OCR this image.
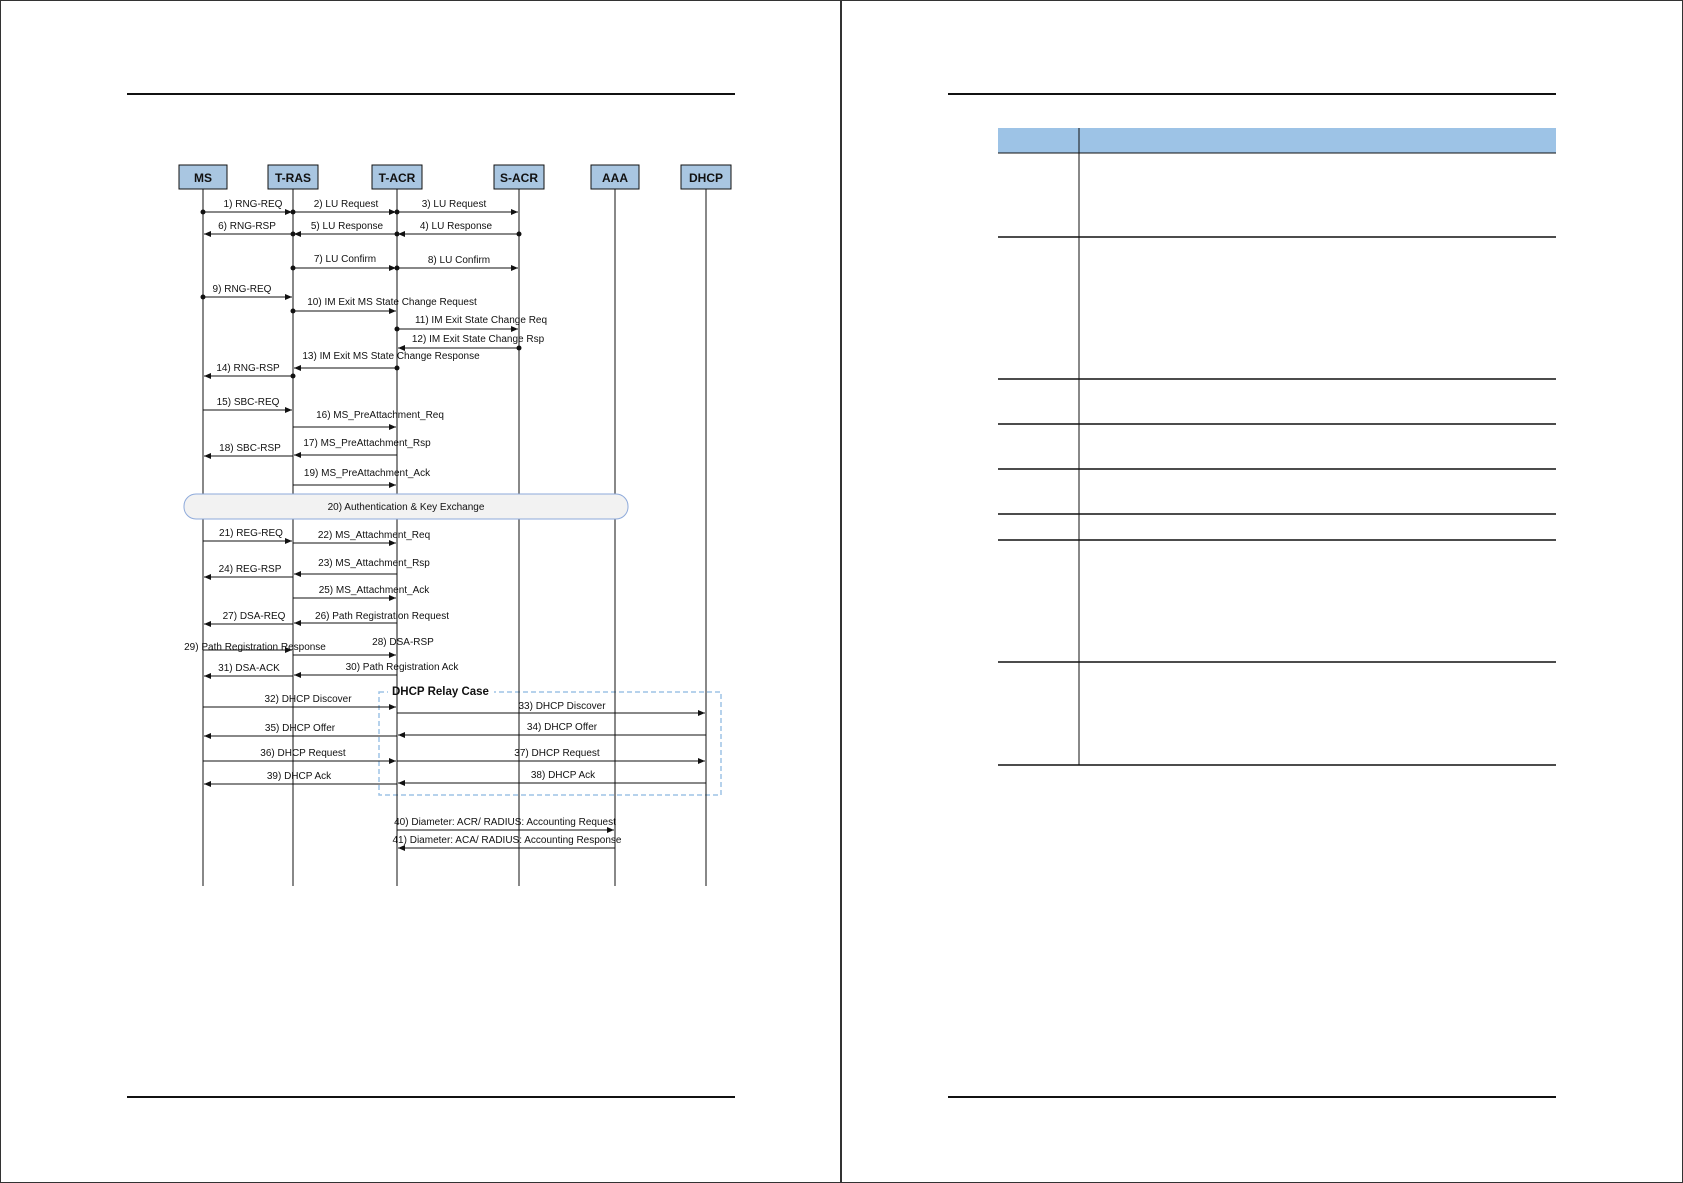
DHCP Relay Case
MS	T-RAS	T-ACR	S-ACR	AAA	DHCP
1) RNG-REQ	2) LU Request	3) LU Request
4) LU Response
5) LU Response
6) RNG-RSP
7) LU Confirm	8) LU Confirm
9) RNG-REQ
10) IM Exit MS State Change Request
11) IM Exit State Change Req
12) IM Exit State Change Rsp
13) IM Exit MS State Change Response
14) RNG-RSP
15) SBC-REQ
16) MS_PreAttachment_Req
17) MS_PreAttachment_Rsp
18) SBC-RSP
19) MS_PreAttachment_Ack
21) REG-REQ	22) MS_Attachment_Req
23) MS_Attachment_Rsp
24) REG-RSP
25) MS_Attachment_Ack
26) Path Registration Request
27) DSA-REQ
28) DSA-RSP
29) Path Registration Response
30) Path Registration Ack
31) DSA-ACK
32) DHCP Discover
33) DHCP Discover
34) DHCP Offer
35) DHCP Offer
36) DHCP Request	37) DHCP Request
38) DHCP Ack
39) DHCP Ack
40) Diameter: ACR/ RADIUS: Accounting Request
41) Diameter: ACA/ RADIUS: Accounting Response
20) Authentication & Key Exchange
